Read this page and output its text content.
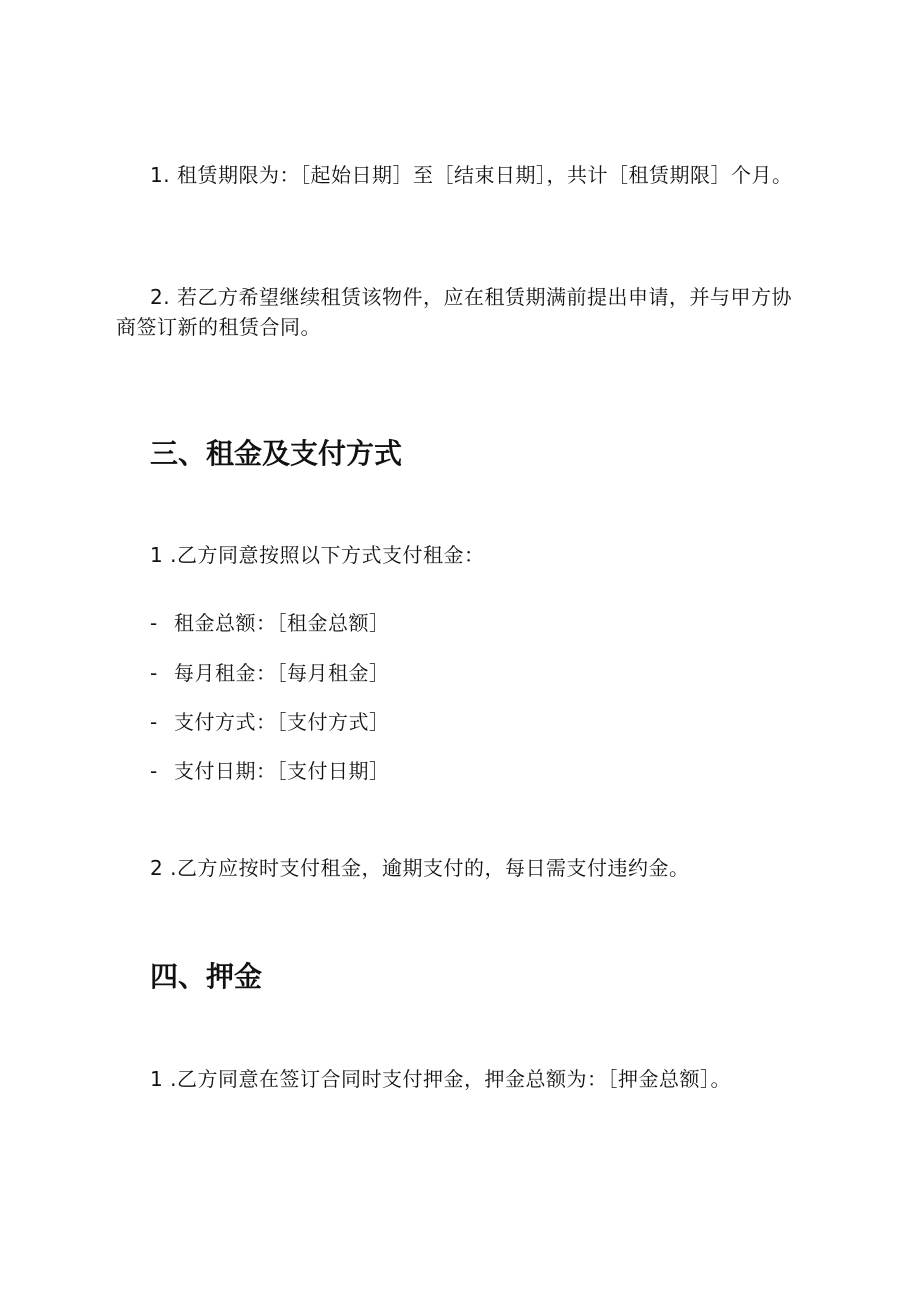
1. 租赁期限为：［起始日期］至［结束日期］，共计［租赁期限］个月。

2. 若乙方希望继续租赁该物件，应在租赁期满前提出申请，并与甲方协商签订新的租赁合同。

三、租金及支付方式

1 .乙方同意按照以下方式支付租金：

- 租金总额：［租金总额］

- 每月租金：［每月租金］

- 支付方式：［支付方式］

- 支付日期：［支付日期］

2 .乙方应按时支付租金，逾期支付的，每日需支付违约金。

四、押金

1 .乙方同意在签订合同时支付押金，押金总额为：［押金总额］。
